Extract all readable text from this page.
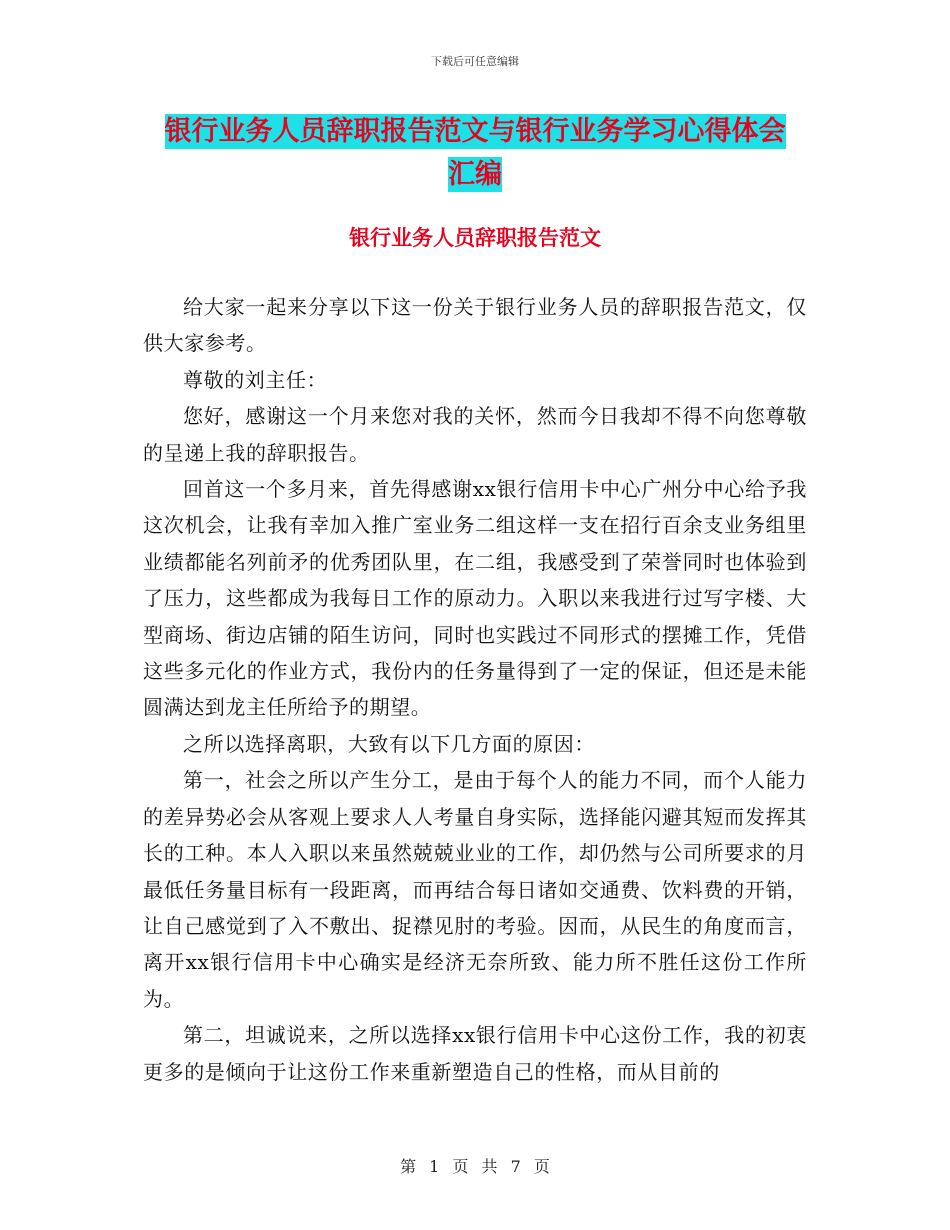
下载后可任意编辑
银行业务人员辞职报告范文与银行业务学习心得体会
汇编
银行业务人员辞职报告范文

给大家一起来分享以下这一份关于银行业务人员的辞职报告范文，仅供大家参考。

尊敬的刘主任：

您好，感谢这一个月来您对我的关怀，然而今日我却不得不向您尊敬的呈递上我的辞职报告。

回首这一个多月来，首先得感谢xx银行信用卡中心广州分中心给予我这次机会，让我有幸加入推广室业务二组这样一支在招行百余支业务组里业绩都能名列前矛的优秀团队里，在二组，我感受到了荣誉同时也体验到了压力，这些都成为我每日工作的原动力。入职以来我进行过写字楼、大型商场、街边店铺的陌生访问，同时也实践过不同形式的摆摊工作，凭借这些多元化的作业方式，我份内的任务量得到了一定的保证，但还是未能圆满达到龙主任所给予的期望。

之所以选择离职，大致有以下几方面的原因：

第一，社会之所以产生分工，是由于每个人的能力不同，而个人能力的差异势必会从客观上要求人人考量自身实际，选择能闪避其短而发挥其长的工种。本人入职以来虽然兢兢业业的工作，却仍然与公司所要求的月最低任务量目标有一段距离，而再结合每日诸如交通费、饮料费的开销，让自己感觉到了入不敷出、捉襟见肘的考验。因而，从民生的角度而言，离开xx银行信用卡中心确实是经济无奈所致、能力所不胜任这份工作所为。

第二，坦诚说来，之所以选择xx银行信用卡中心这份工作，我的初衷更多的是倾向于让这份工作来重新塑造自己的性格，而从目前的

第 1 页 共 7 页
